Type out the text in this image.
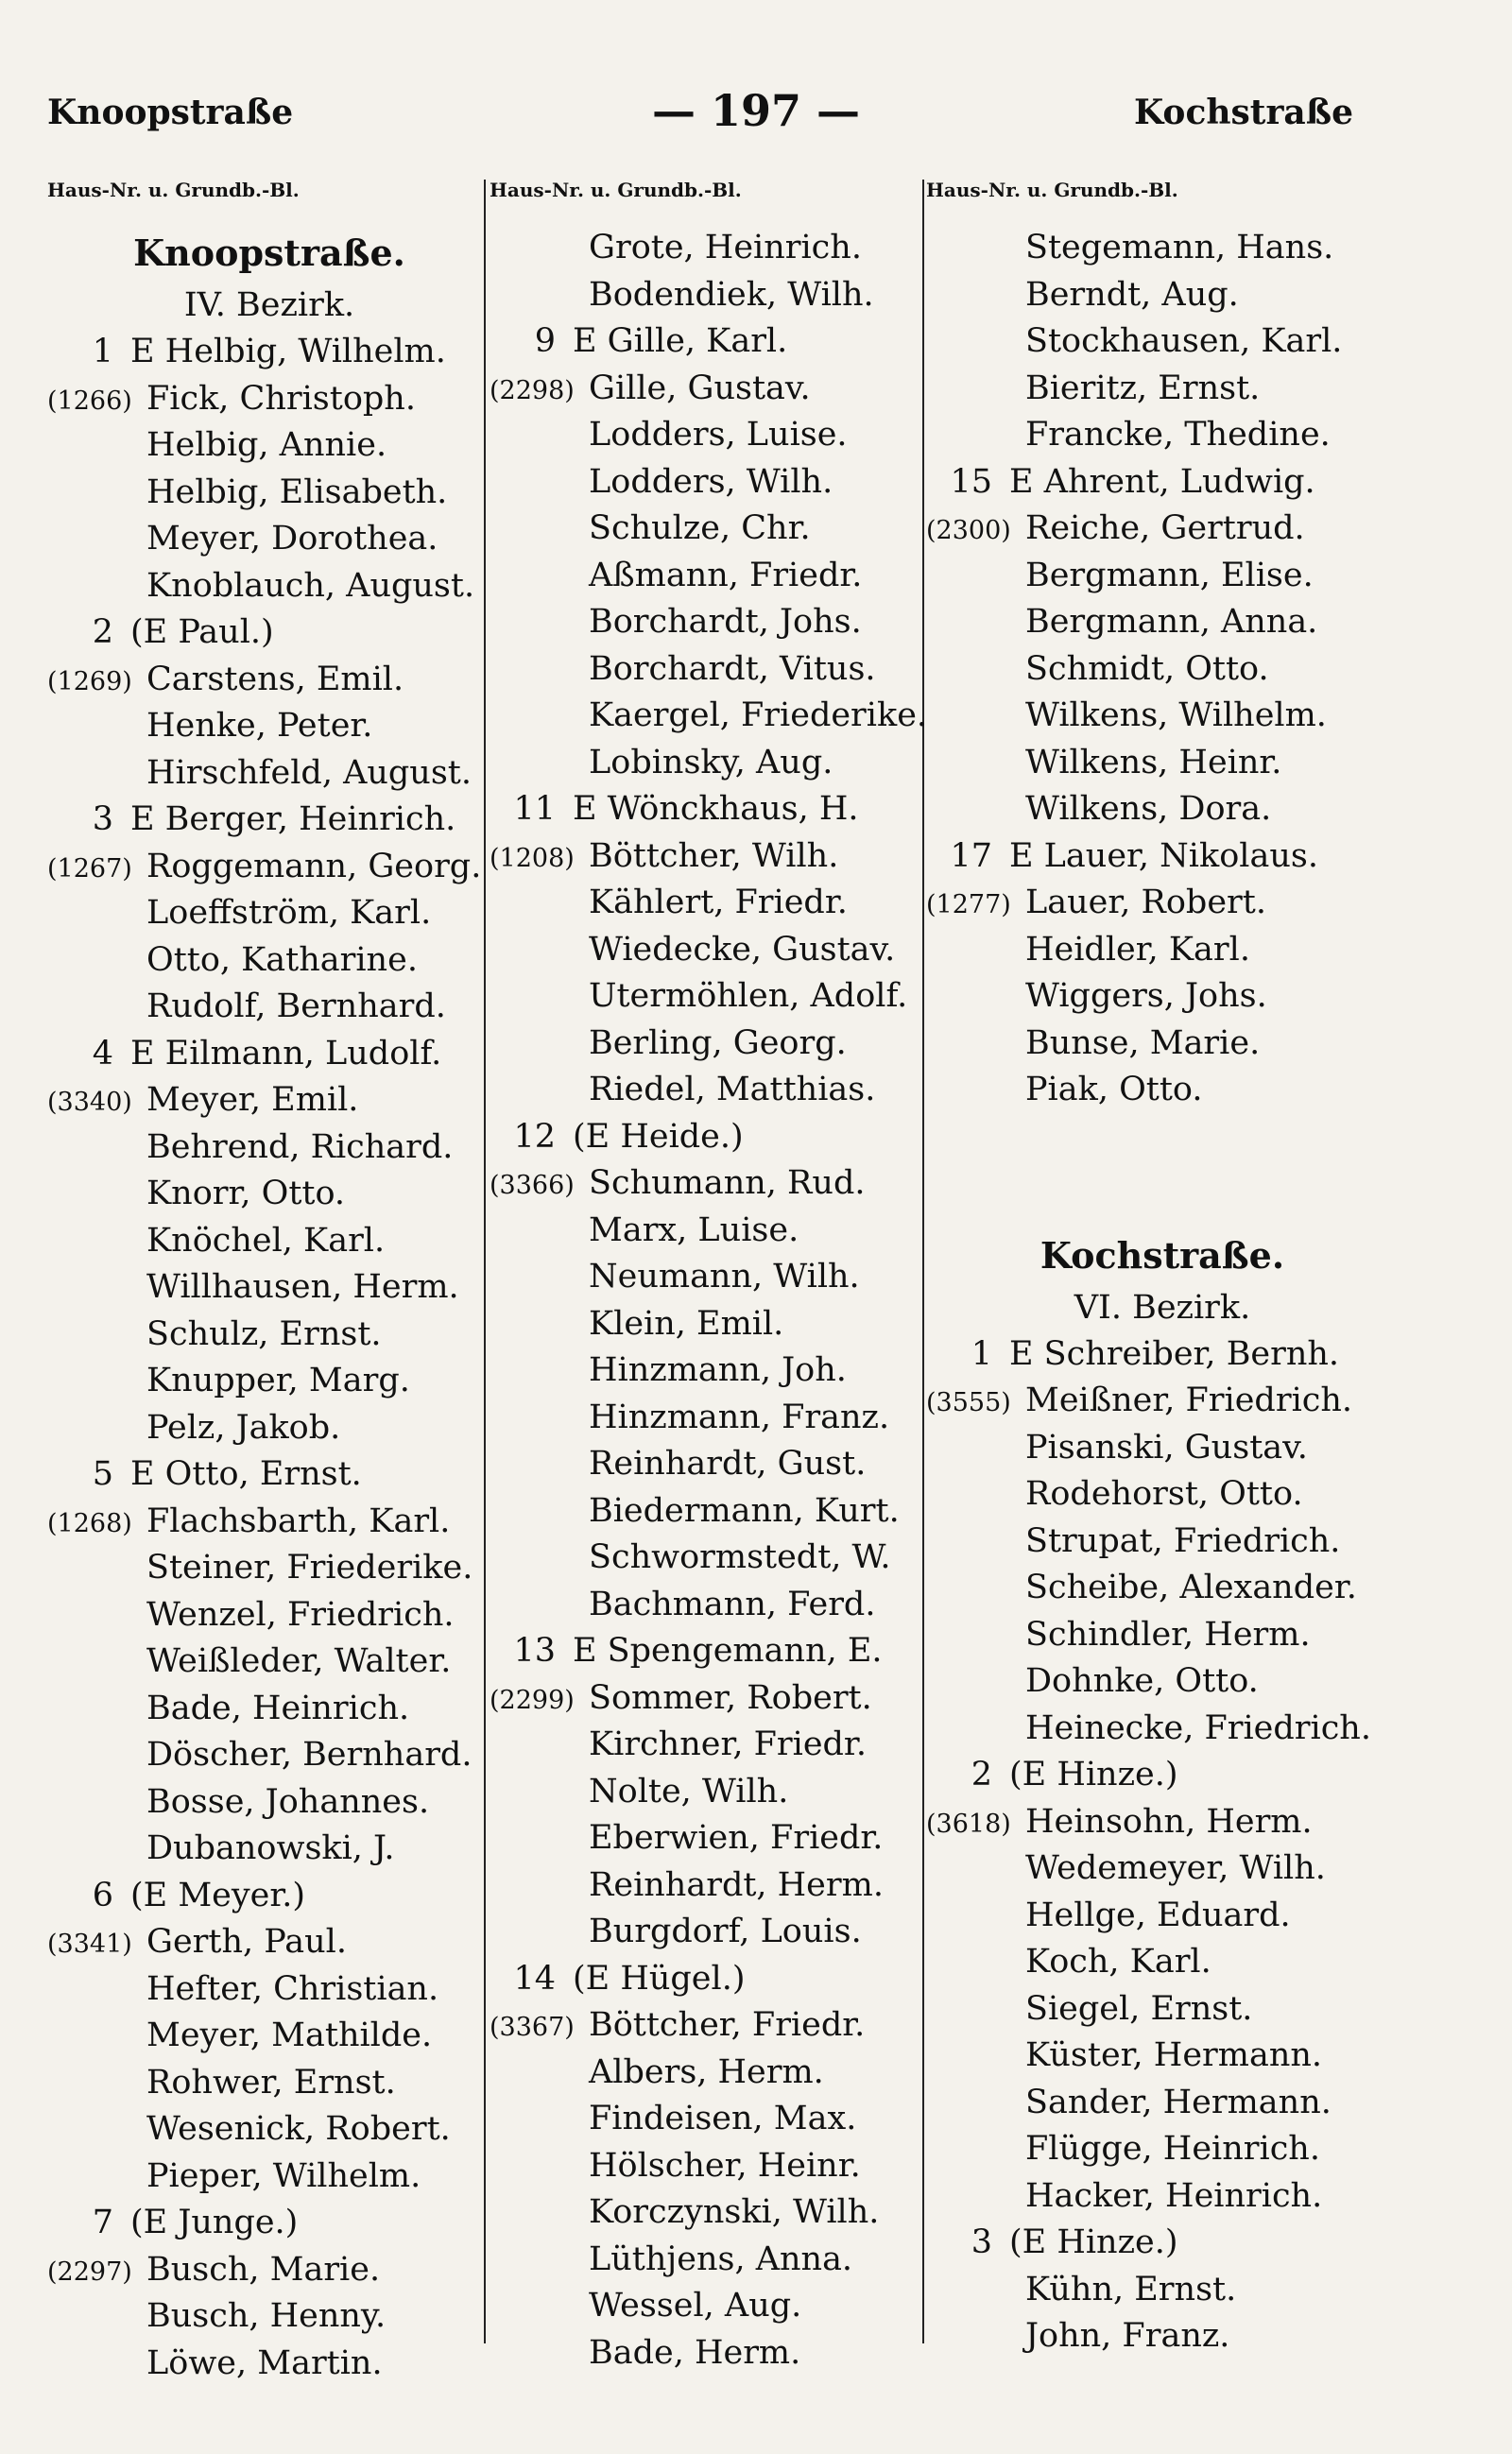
Knoopstraße	— 197 —	Kochstraße
Haus-Nr. u. Grundb.-Bl.
Knoopstraße.
IV. Bezirk.
1 E Helbig, Wilhelm.
(1266) Fick, Christoph.
Helbig, Annie.
Helbig, Elisabeth.
Meyer, Dorothea.
Knoblauch, August.
2 (E Paul.)
(1269) Carstens, Emil.
Henke, Peter.
Hirschfeld, August.
3 E Berger, Heinrich.
(1267) Roggemann, Georg.
Loeffström, Karl.
Otto, Katharine.
Rudolf, Bernhard.
4 E Eilmann, Ludolf.
(3340) Meyer, Emil.
Behrend, Richard.
Knorr, Otto.
Knöchel, Karl.
Willhausen, Herm.
Schulz, Ernst.
Knupper, Marg.
Pelz, Jakob.
5 E Otto, Ernst.
(1268) Flachsbarth, Karl.
Steiner, Friederike.
Wenzel, Friedrich.
Weißleder, Walter.
Bade, Heinrich.
Döscher, Bernhard.
Bosse, Johannes.
Dubanowski, J.
6 (E Meyer.)
(3341) Gerth, Paul.
Hefter, Christian.
Meyer, Mathilde.
Rohwer, Ernst.
Wesenick, Robert.
Pieper, Wilhelm.
7 (E Junge.)
(2297) Busch, Marie.
Busch, Henny.
Löwe, Martin.
Haus-Nr. u. Grundb.-Bl.
Grote, Heinrich.
Bodendiek, Wilh.
9 E Gille, Karl.
(2298) Gille, Gustav.
Lodders, Luise.
Lodders, Wilh.
Schulze, Chr.
Aßmann, Friedr.
Borchardt, Johs.
Borchardt, Vitus.
Kaergel, Friederike.
Lobinsky, Aug.
11 E Wönckhaus, H.
(1208) Böttcher, Wilh.
Kählert, Friedr.
Wiedecke, Gustav.
Utermöhlen, Adolf.
Berling, Georg.
Riedel, Matthias.
12 (E Heide.)
(3366) Schumann, Rud.
Marx, Luise.
Neumann, Wilh.
Klein, Emil.
Hinzmann, Joh.
Hinzmann, Franz.
Reinhardt, Gust.
Biedermann, Kurt.
Schwormstedt, W.
Bachmann, Ferd.
13 E Spengemann, E.
(2299) Sommer, Robert.
Kirchner, Friedr.
Nolte, Wilh.
Eberwien, Friedr.
Reinhardt, Herm.
Burgdorf, Louis.
14 (E Hügel.)
(3367) Böttcher, Friedr.
Albers, Herm.
Findeisen, Max.
Hölscher, Heinr.
Korczynski, Wilh.
Lüthjens, Anna.
Wessel, Aug.
Bade, Herm.
Haus-Nr. u. Grundb.-Bl.
Stegemann, Hans.
Berndt, Aug.
Stockhausen, Karl.
Bieritz, Ernst.
Francke, Thedine.
15 E Ahrent, Ludwig.
(2300) Reiche, Gertrud.
Bergmann, Elise.
Bergmann, Anna.
Schmidt, Otto.
Wilkens, Wilhelm.
Wilkens, Heinr.
Wilkens, Dora.
17 E Lauer, Nikolaus.
(1277) Lauer, Robert.
Heidler, Karl.
Wiggers, Johs.
Bunse, Marie.
Piak, Otto.
Kochstraße.
VI. Bezirk.
1 E Schreiber, Bernh.
(3555) Meißner, Friedrich.
Pisanski, Gustav.
Rodehorst, Otto.
Strupat, Friedrich.
Scheibe, Alexander.
Schindler, Herm.
Dohnke, Otto.
Heinecke, Friedrich.
2 (E Hinze.)
(3618) Heinsohn, Herm.
Wedemeyer, Wilh.
Hellge, Eduard.
Koch, Karl.
Siegel, Ernst.
Küster, Hermann.
Sander, Hermann.
Flügge, Heinrich.
Hacker, Heinrich.
3 (E Hinze.)
Kühn, Ernst.
John, Franz.
